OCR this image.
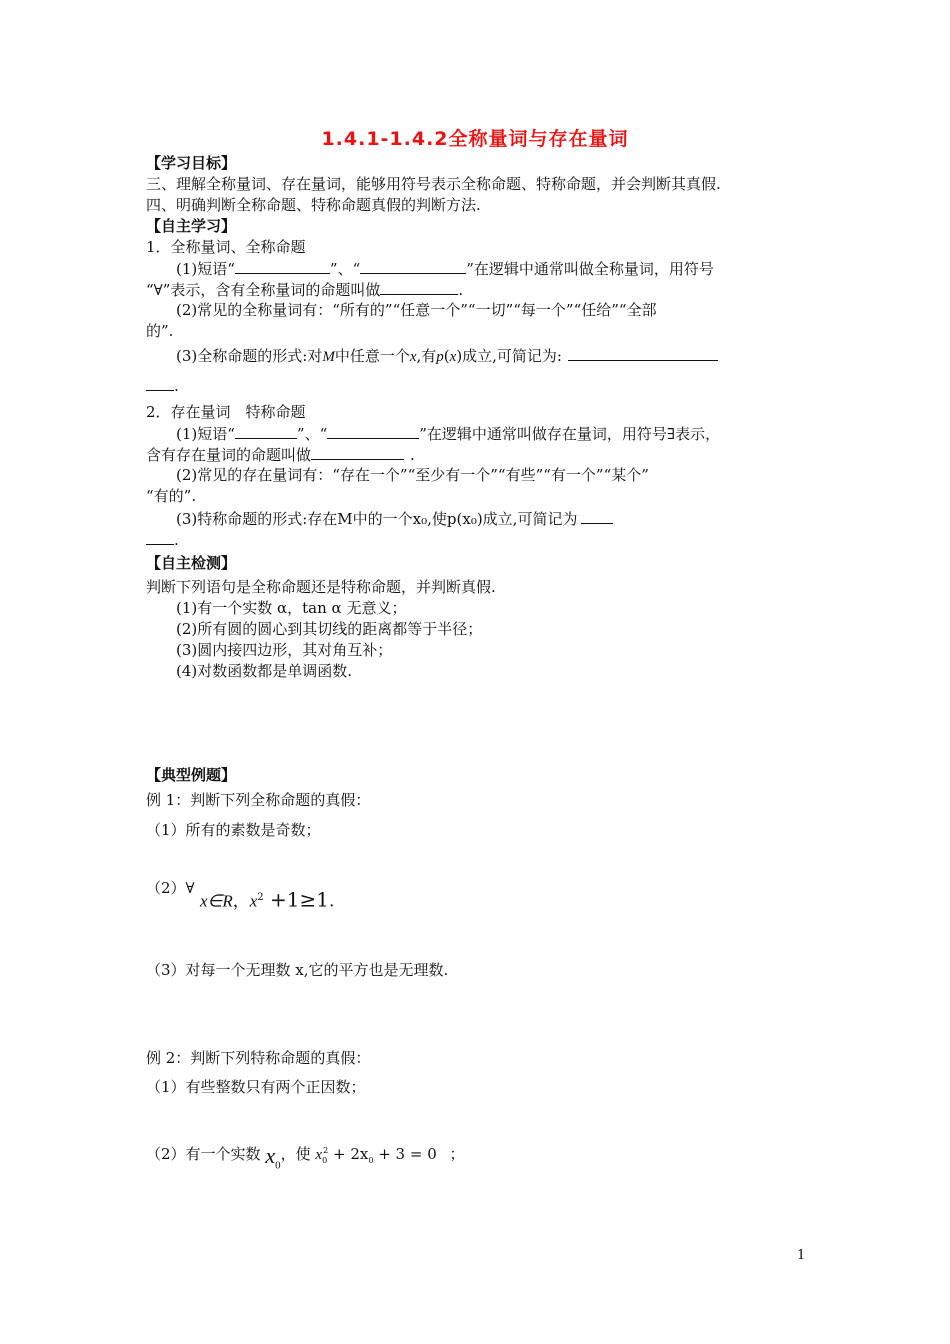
1.4.1-1.4.2全称量词与存在量词
【学习目标】
三、理解全称量词、存在量词，能够用符号表示全称命题、特称命题，并会判断其真假.
四、明确判断全称命题、特称命题真假的判断方法.
【自主学习】
1．全称量词、全称命题
(1)短语“	”、“	”在逻辑中通常叫做全称量词，用符号
“∀”表示，含有全称量词的命题叫做	.
(2)常见的全称量词有：“所有的”“任意一个”“一切”“每一个”“任给”“全部
的”.
(3)全称命题的形式:对M中任意一个x,有p(x)成立,可简记为:
.
2．存在量词　特称命题
(1)短语“	”、“	”在逻辑中通常叫做存在量词，用符号∃表示，
含有存在量词的命题叫做	.
(2)常见的存在量词有：“存在一个”“至少有一个”“有些”“有一个”“某个”
“有的”.
(3)特称命题的形式:存在M中的一个x₀,使p(x₀)成立,可简记为
.
【自主检测】
判断下列语句是全称命题还是特称命题，并判断真假.
(1)有一个实数 α，tan α 无意义；
(2)所有圆的圆心到其切线的距离都等于半径；
(3)圆内接四边形，其对角互补；
(4)对数函数都是单调函数.
【典型例题】
例 1：判断下列全称命题的真假：
（1）所有的素数是奇数；
（2）∀
x∈R，$x^2 +1\ge 1$.
（3）对每一个无理数 x,它的平方也是无理数.
例 2：判断下列特称命题的真假：
（1）有些整数只有两个正因数；
（2）有一个实数 $x_0$，使 $x_0^2 + 2x_0 + 3 = 0$ ；
1
